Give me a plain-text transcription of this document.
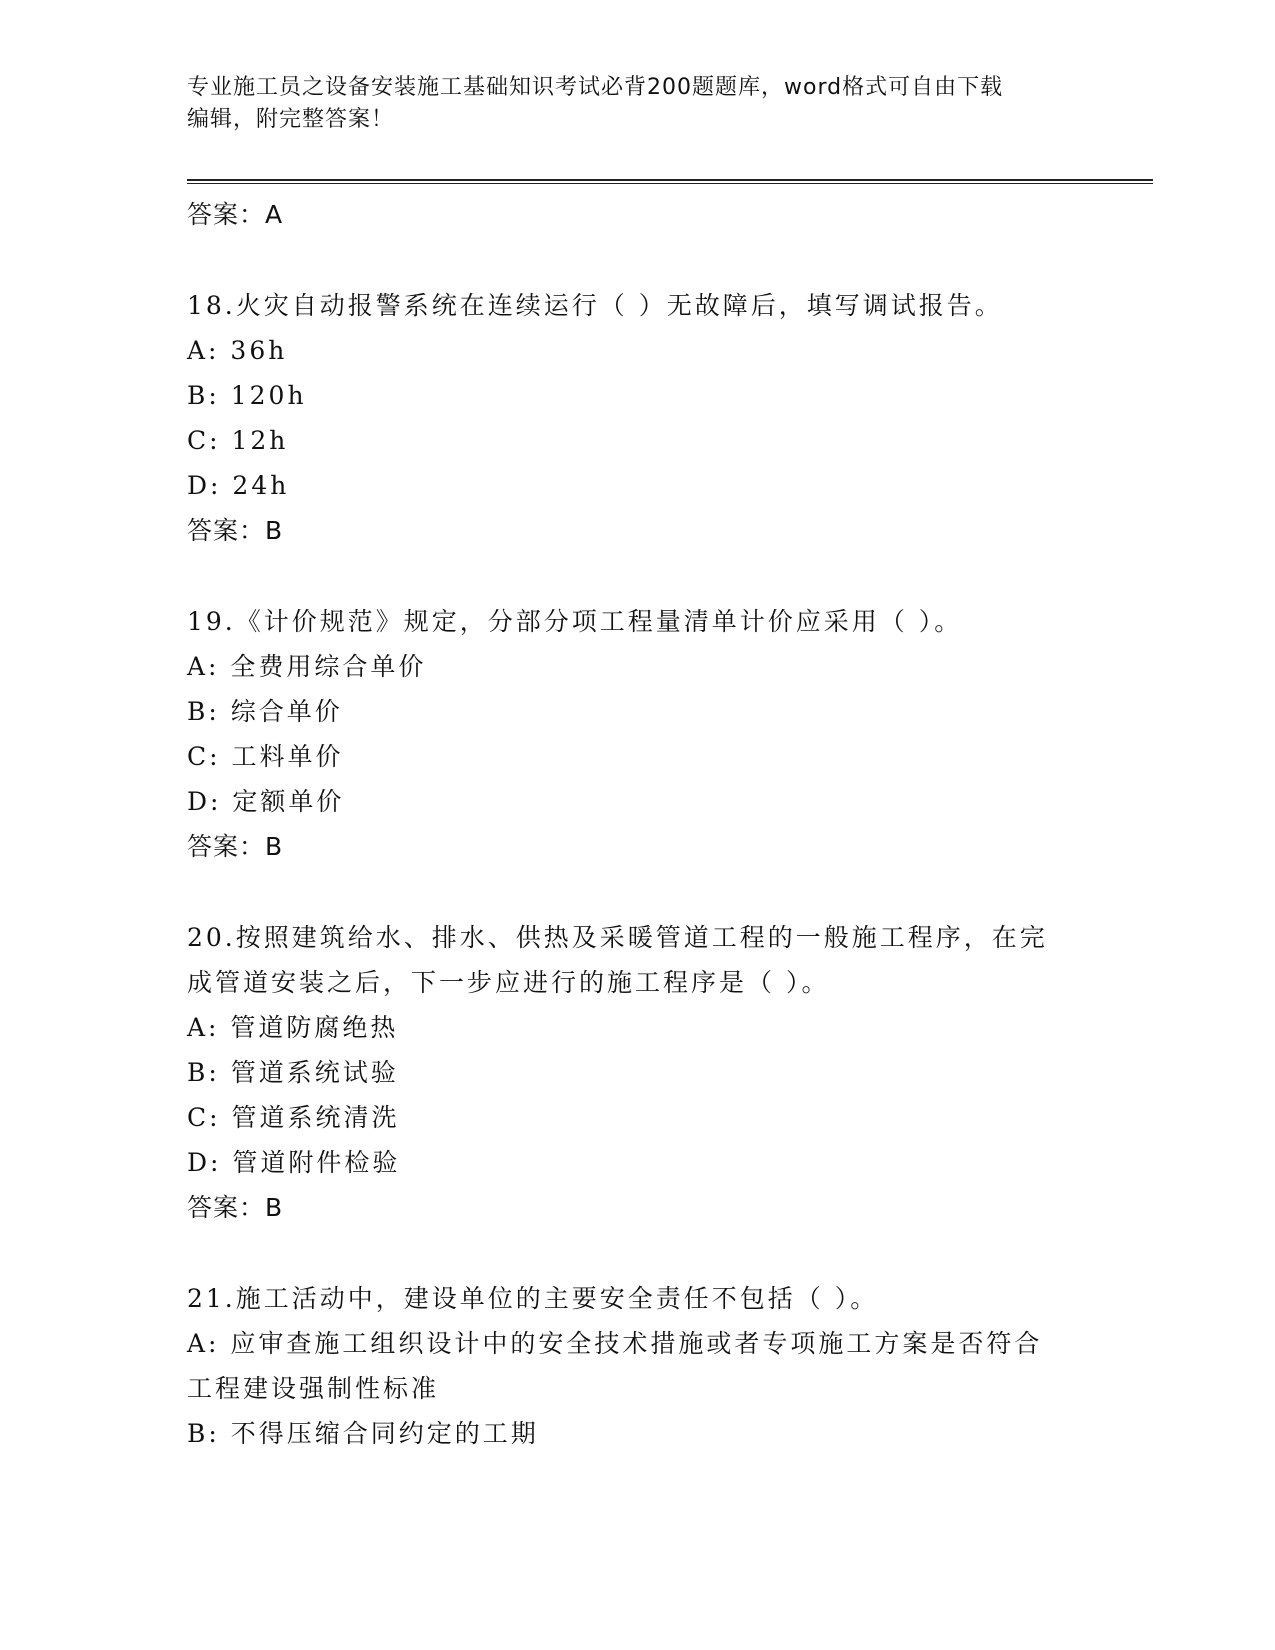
专业施工员之设备安装施工基础知识考试必背200题题库，word格式可自由下载
编辑，附完整答案！
答案：A
18.火灾自动报警系统在连续运行（ ）无故障后，填写调试报告。
A: 36h
B: 120h
C: 12h
D: 24h
答案：B
19.《计价规范》规定，分部分项工程量清单计价应采用（ ）。
A: 全费用综合单价
B: 综合单价
C: 工料单价
D: 定额单价
答案：B
20.按照建筑给水、排水、供热及采暖管道工程的一般施工程序，在完
成管道安装之后，下一步应进行的施工程序是（ ）。
A: 管道防腐绝热
B: 管道系统试验
C: 管道系统清洗
D: 管道附件检验
答案：B
21.施工活动中，建设单位的主要安全责任不包括（ ）。
A: 应审查施工组织设计中的安全技术措施或者专项施工方案是否符合
工程建设强制性标准
B: 不得压缩合同约定的工期
